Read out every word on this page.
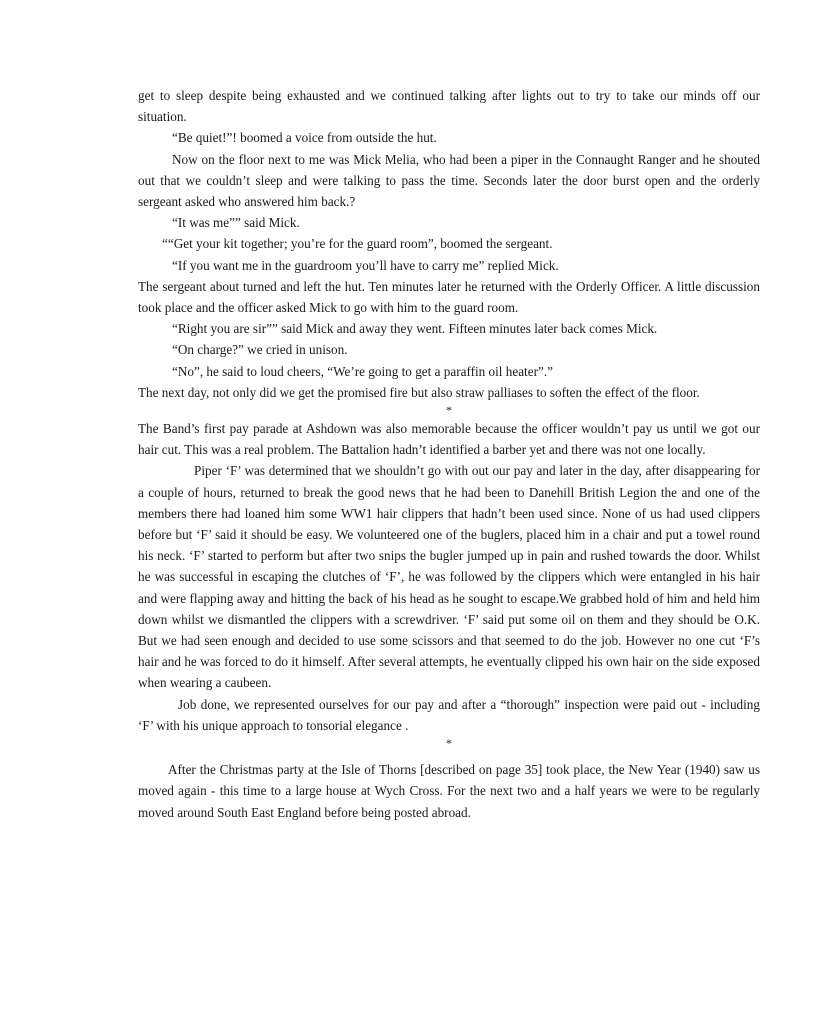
get to sleep despite being exhausted and we continued talking after lights out to try to take our minds off our situation.

“Be quiet!”! boomed a voice from outside the hut.

Now on the floor next to me was Mick Melia, who had been a piper in the Connaught Ranger and he shouted out that we couldn’t sleep and were talking to pass the time. Seconds later the door burst open and the orderly sergeant asked who answered him back.?

“It was me”” said Mick.

““Get your kit together; you’re for the guard room”, boomed the sergeant.

“If you want me in the guardroom you’ll have to carry me” replied Mick.

The sergeant about turned and left the hut. Ten minutes later he returned with the Orderly Officer. A little discussion took place and the officer asked Mick to go with him to the guard room.

“Right you are sir”” said Mick and away they went. Fifteen minutes later back comes Mick.

“On charge?” we cried in unison.

“No”, he said to loud cheers, “We’re going to get a paraffin oil heater”.”

The next day, not only did we get the promised fire but also straw palliases to soften the effect of the floor.

*

The Band’s first pay parade at Ashdown was also memorable because the officer wouldn’t pay us until we got our hair cut. This was a real problem. The Battalion hadn’t identified a barber yet and there was not one locally.

Piper ‘F’ was determined that we shouldn’t go with out our pay and later in the day, after disappearing for a couple of hours, returned to break the good news that he had been to Danehill British Legion the and one of the members there had loaned him some WW1 hair clippers that hadn’t been used since. None of us had used clippers before but ‘F’ said it should be easy. We volunteered one of the buglers, placed him in a chair and put a towel round his neck. ‘F’ started to perform but after two snips the bugler jumped up in pain and rushed towards the door. Whilst he was successful in escaping the clutches of ‘F’, he was followed by the clippers which were entangled in his hair and were flapping away and hitting the back of his head as he sought to escape.We grabbed hold of him and held him down whilst we dismantled the clippers with a screwdriver. ‘F’ said put some oil on them and they should be O.K. But we had seen enough and decided to use some scissors and that seemed to do the job. However no one cut ‘F’s hair and he was forced to do it himself. After several attempts, he eventually clipped his own hair on the side exposed when wearing a caubeen.

Job done, we represented ourselves for our pay and after a “thorough” inspection were paid out - including ‘F’ with his unique approach to tonsorial elegance .

*

After the Christmas party at the Isle of Thorns [described on page 35] took place, the New Year (1940) saw us moved again - this time to a large house at Wych Cross. For the next two and a half years we were to be regularly moved around South East England before being posted abroad.
